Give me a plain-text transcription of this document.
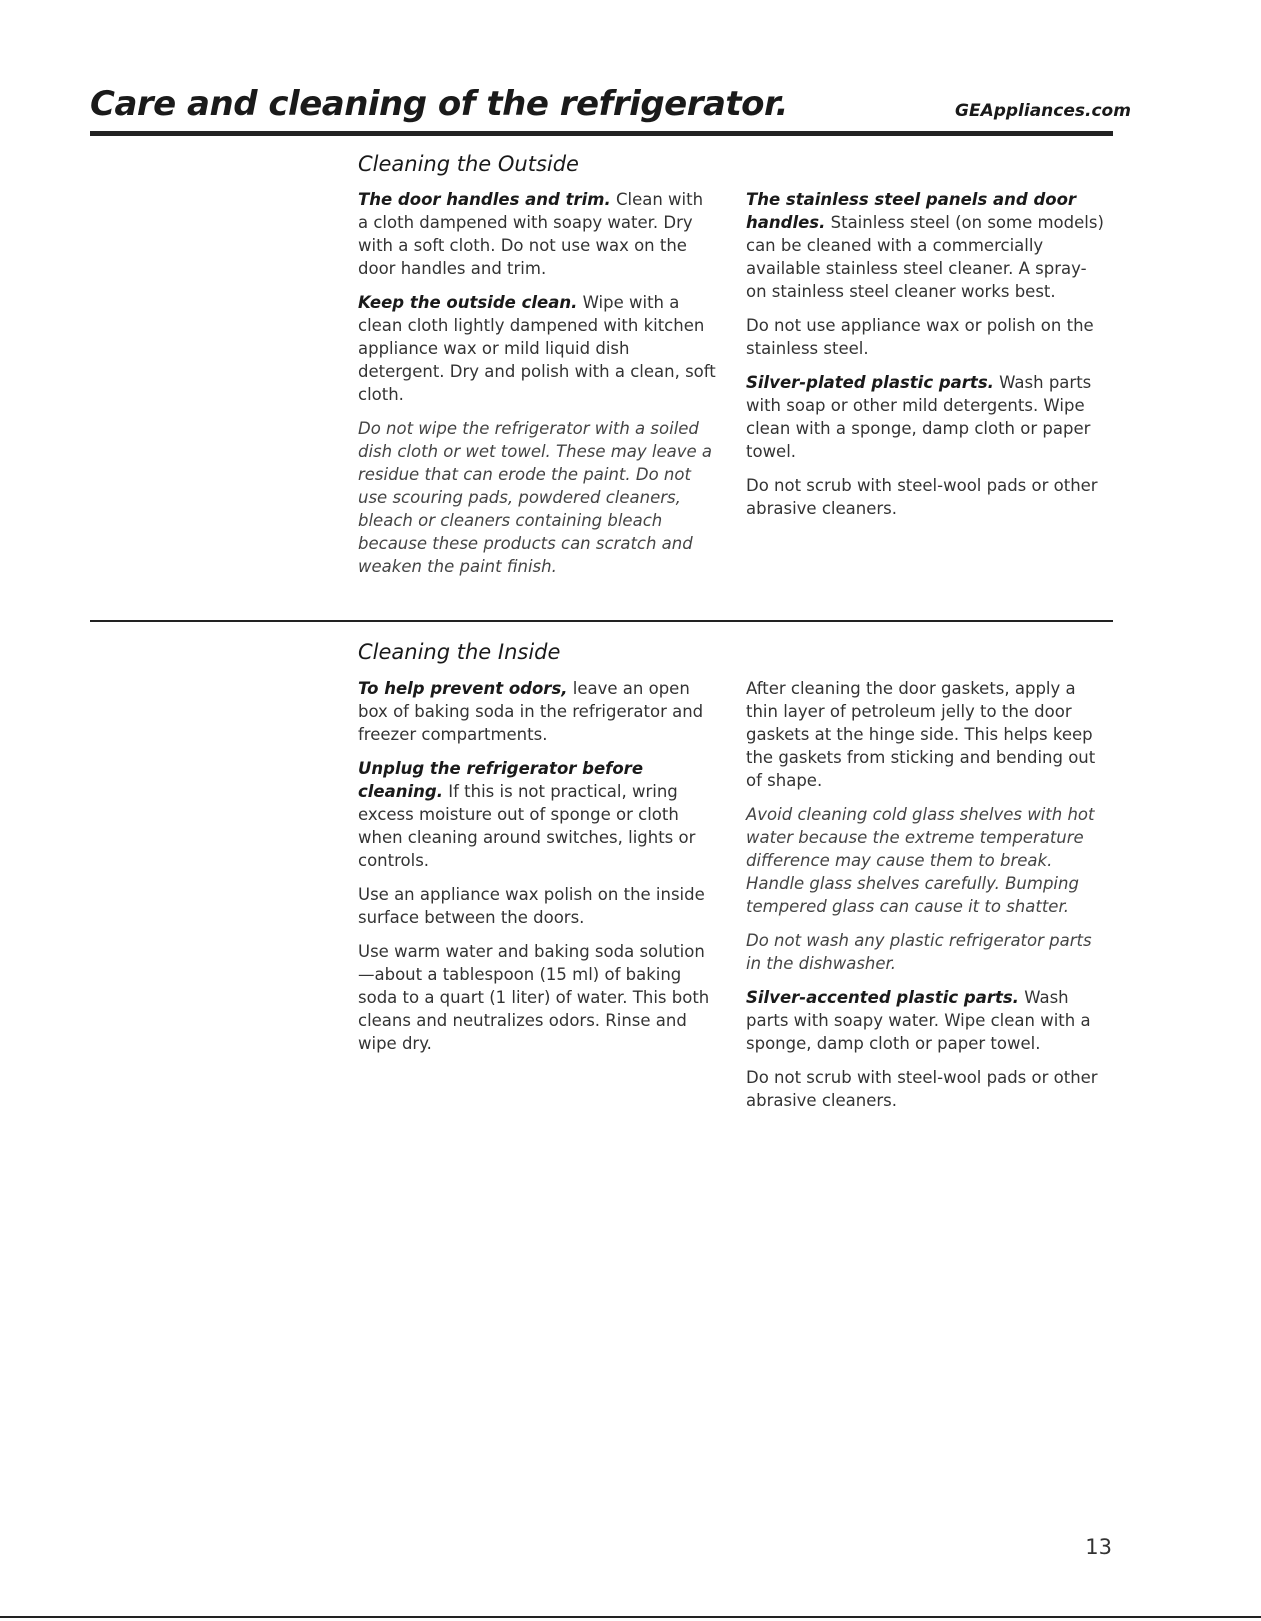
Care and cleaning of the refrigerator.	GEAppliances.com
Cleaning the Outside

The door handles and trim. Clean with a cloth dampened with soapy water. Dry with a soft cloth. Do not use wax on the door handles and trim.

Keep the outside clean. Wipe with a clean cloth lightly dampened with kitchen appliance wax or mild liquid dish detergent. Dry and polish with a clean, soft cloth.

Do not wipe the refrigerator with a soiled dish cloth or wet towel. These may leave a residue that can erode the paint. Do not use scouring pads, powdered cleaners, bleach or cleaners containing bleach because these products can scratch and weaken the paint finish.

The stainless steel panels and door handles. Stainless steel (on some models) can be cleaned with a commercially available stainless steel cleaner. A spray-on stainless steel cleaner works best.

Do not use appliance wax or polish on the stainless steel.

Silver-plated plastic parts. Wash parts with soap or other mild detergents. Wipe clean with a sponge, damp cloth or paper towel.

Do not scrub with steel-wool pads or other abrasive cleaners.

Cleaning the Inside

To help prevent odors, leave an open box of baking soda in the refrigerator and freezer compartments.

Unplug the refrigerator before cleaning. If this is not practical, wring excess moisture out of sponge or cloth when cleaning around switches, lights or controls.

Use an appliance wax polish on the inside surface between the doors.

Use warm water and baking soda solution—about a tablespoon (15 ml) of baking soda to a quart (1 liter) of water. This both cleans and neutralizes odors. Rinse and wipe dry.

After cleaning the door gaskets, apply a thin layer of petroleum jelly to the door gaskets at the hinge side. This helps keep the gaskets from sticking and bending out of shape.

Avoid cleaning cold glass shelves with hot water because the extreme temperature difference may cause them to break. Handle glass shelves carefully. Bumping tempered glass can cause it to shatter.

Do not wash any plastic refrigerator parts in the dishwasher.

Silver-accented plastic parts. Wash parts with soapy water. Wipe clean with a sponge, damp cloth or paper towel.

Do not scrub with steel-wool pads or other abrasive cleaners.

13
